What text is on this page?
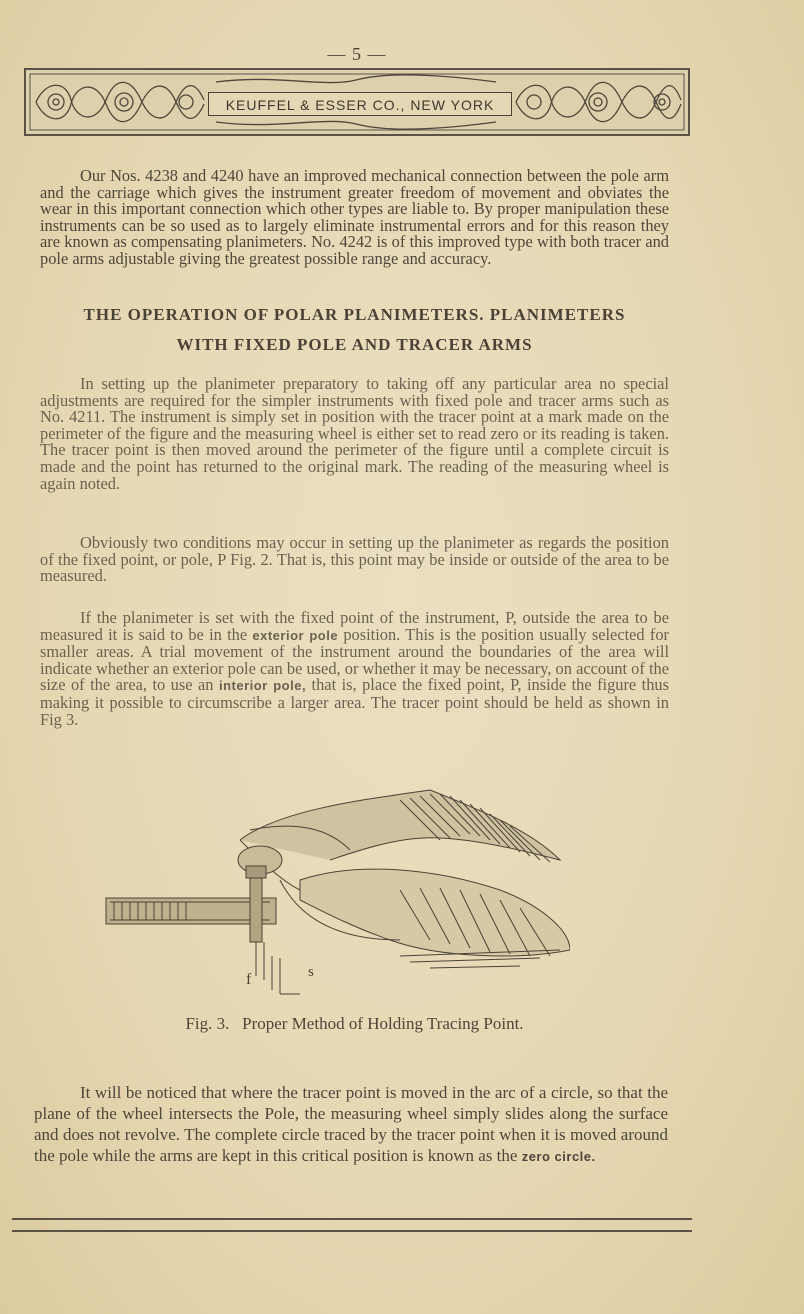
— 5 —
KEUFFEL & ESSER CO., NEW YORK

Our Nos. 4238 and 4240 have an improved mechanical connection between the pole arm and the carriage which gives the instrument greater freedom of movement and obviates the wear in this important connection which other types are liable to. By proper manipulation these instruments can be so used as to largely eliminate instrumental errors and for this reason they are known as compensating planimeters. No. 4242 is of this improved type with both tracer and pole arms adjustable giving the greatest possible range and accuracy.

THE OPERATION OF POLAR PLANIMETERS. PLANIMETERS
WITH FIXED POLE AND TRACER ARMS

In setting up the planimeter preparatory to taking off any particular area no special adjustments are required for the simpler instruments with fixed pole and tracer arms such as No. 4211. The instrument is simply set in position with the tracer point at a mark made on the perimeter of the figure and the measuring wheel is either set to read zero or its reading is taken. The tracer point is then moved around the perimeter of the figure until a complete circuit is made and the point has returned to the original mark. The reading of the measuring wheel is again noted.

Obviously two conditions may occur in setting up the planimeter as regards the position of the fixed point, or pole, P Fig. 2. That is, this point may be inside or outside of the area to be measured.

If the planimeter is set with the fixed point of the instrument, P, outside the area to be measured it is said to be in the exterior pole position. This is the position usually selected for smaller areas. A trial movement of the instrument around the boundaries of the area will indicate whether an exterior pole can be used, or whether it may be necessary, on account of the size of the area, to use an interior pole, that is, place the fixed point, P, inside the figure thus making it possible to circumscribe a larger area. The tracer point should be held as shown in Fig 3.

f	s
Fig. 3.   Proper Method of Holding Tracing Point.

It will be noticed that where the tracer point is moved in the arc of a circle, so that the plane of the wheel intersects the Pole, the measuring wheel simply slides along the surface and does not revolve. The complete circle traced by the tracer point when it is moved around the pole while the arms are kept in this critical position is known as the zero circle.
